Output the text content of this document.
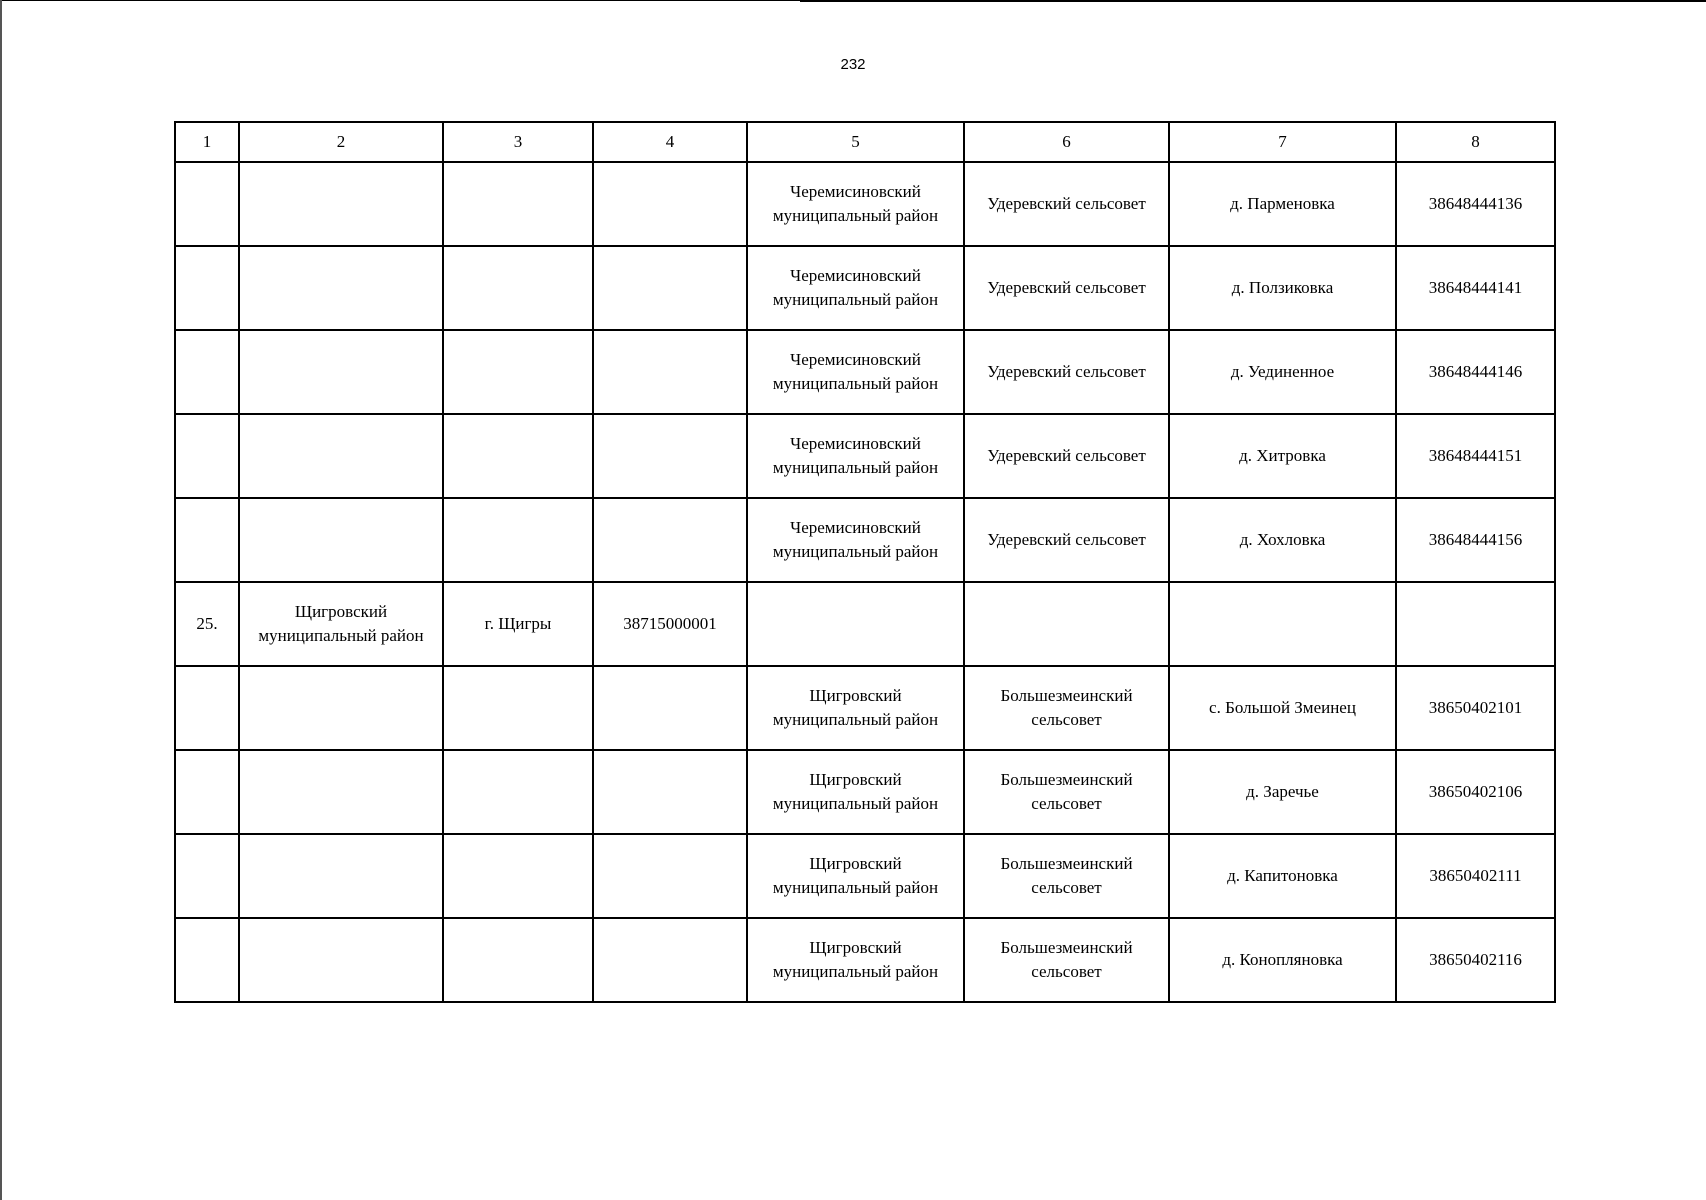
232
1	2	3	4	5	6	7	8
				Черемисиновский муниципальный район	Удеревский сельсовет	д. Парменовка	38648444136
				Черемисиновский муниципальный район	Удеревский сельсовет	д. Ползиковка	38648444141
				Черемисиновский муниципальный район	Удеревский сельсовет	д. Уединенное	38648444146
				Черемисиновский муниципальный район	Удеревский сельсовет	д. Хитровка	38648444151
				Черемисиновский муниципальный район	Удеревский сельсовет	д. Хохловка	38648444156
25.	Щигровский муниципальный район	г. Щигры	38715000001				
				Щигровский муниципальный район	Большезмеинский сельсовет	с. Большой Змеинец	38650402101
				Щигровский муниципальный район	Большезмеинский сельсовет	д. Заречье	38650402106
				Щигровский муниципальный район	Большезмеинский сельсовет	д. Капитоновка	38650402111
				Щигровский муниципальный район	Большезмеинский сельсовет	д. Конопляновка	38650402116
